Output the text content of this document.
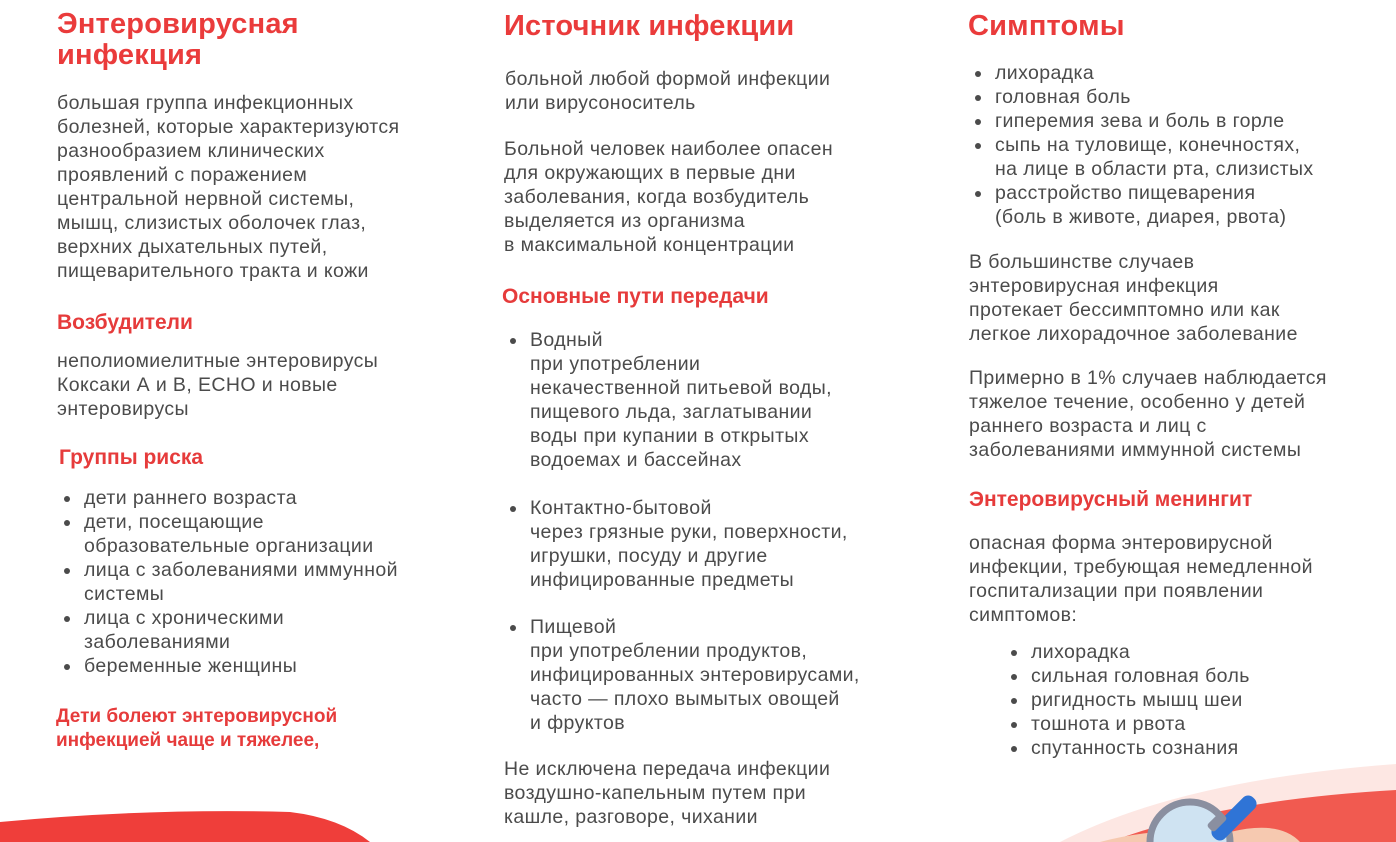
Энтеровирусная
инфекция

большая группа инфекционных
болезней, которые характеризуются
разнообразием клинических
проявлений с поражением
центральной нервной системы,
мышц, слизистых оболочек глаз,
верхних дыхательных путей,
пищеварительного тракта и кожи

Возбудители

неполиомиелитные энтеровирусы
Коксаки А и В, ECHO и новые
энтеровирусы

Группы риска
дети раннего возраста
дети, посещающие
образовательные организации
лица с заболеваниями иммунной
системы
лица с хроническими
заболеваниями
беременные женщины

Дети болеют энтеровирусной
инфекцией чаще и тяжелее,

Источник инфекции

больной любой формой инфекции
или вирусоноситель

Больной человек наиболее опасен
для окружающих в первые дни
заболевания, когда возбудитель
выделяется из организма
в максимальной концентрации

Основные пути передачи
Водный
при употреблении
некачественной питьевой воды,
пищевого льда, заглатывании
воды при купании в открытых
водоемах и бассейнах
Контактно-бытовой
через грязные руки, поверхности,
игрушки, посуду и другие
инфицированные предметы
Пищевой
при употреблении продуктов,
инфицированных энтеровирусами,
часто — плохо вымытых овощей
и фруктов

Не исключена передача инфекции
воздушно-капельным путем при
кашле, разговоре, чихании

Симптомы
лихорадка
головная боль
гиперемия зева и боль в горле
сыпь на туловище, конечностях,
на лице в области рта, слизистых
расстройство пищеварения
(боль в животе, диарея, рвота)

В большинстве случаев
энтеровирусная инфекция
протекает бессимптомно или как
легкое лихорадочное заболевание

Примерно в 1% случаев наблюдается
тяжелое течение, особенно у детей
раннего возраста и лиц с
заболеваниями иммунной системы

Энтеровирусный менингит

опасная форма энтеровирусной
инфекции, требующая немедленной
госпитализации при появлении
симптомов:

лихорадка
сильная головная боль
ригидность мышц шеи
тошнота и рвота
спутанность сознания
